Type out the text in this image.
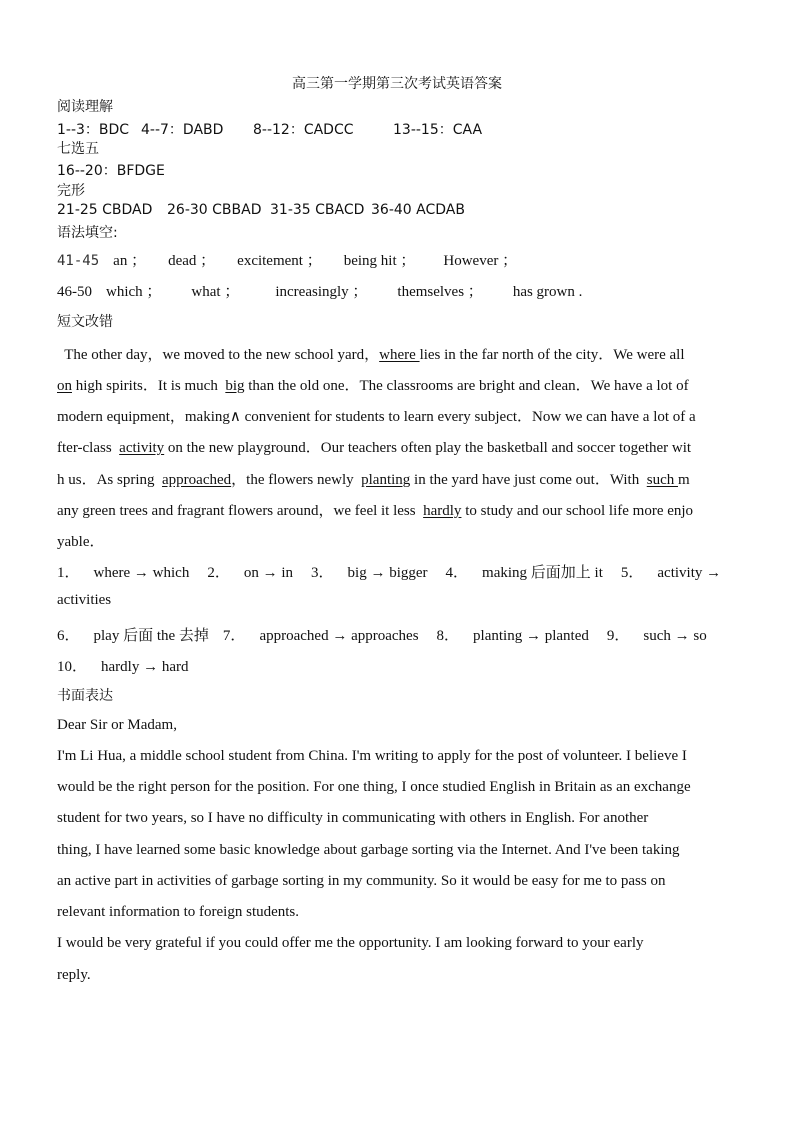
高三第一学期第三次考试英语答案
阅读理解
1--3：BDC 4--7：DABD 8--12：CADCC	13--15：CAA
七选五
16--20：BFDGE
完形
21-25 CBDAD 26-30 CBBAD 31-35 CBACD 36-40 ACDAB
语法填空:
41-45 an ； dead ； excitement ； being hit ； However ；
46-50 which ； what ； increasingly ； themselves ； has grown .
短文改错
The other day，we moved to the new school yard，where lies in the far north of the city．We were all
on high spirits．It is much  big than the old one．The classrooms are bright and clean．We have a lot of
modern equipment，making∧ convenient for students to learn every subject．Now we can have a lot of a
fter-class  activity on the new playground．Our teachers often play the basketball and soccer together wit
h us．As spring  approached，the flowers newly  planting in the yard have just come out．With  such m
any green trees and fragrant flowers around，we feel it less  hardly to study and our school life more enjo
yable．
1． where → which 2． on → in 3． big → bigger 4． making 后面加上 it 5． activity →
activities
6． play 后面 the 去掉 7． approached → approaches 8． planting → planted 9． such → so
10． hardly → hard
书面表达
Dear Sir or Madam,
I'm Li Hua, a middle school student from China. I'm writing to apply for the post of volunteer. I believe I
would be the right person for the position. For one thing, I once studied English in Britain as an exchange
student for two years, so I have no difficulty in communicating with others in English. For another
thing, I have learned some basic knowledge about garbage sorting via the Internet. And I've been taking
an active part in activities of garbage sorting in my community. So it would be easy for me to pass on
relevant information to foreign students.
I would be very grateful if you could offer me the opportunity. I am looking forward to your early
reply.
